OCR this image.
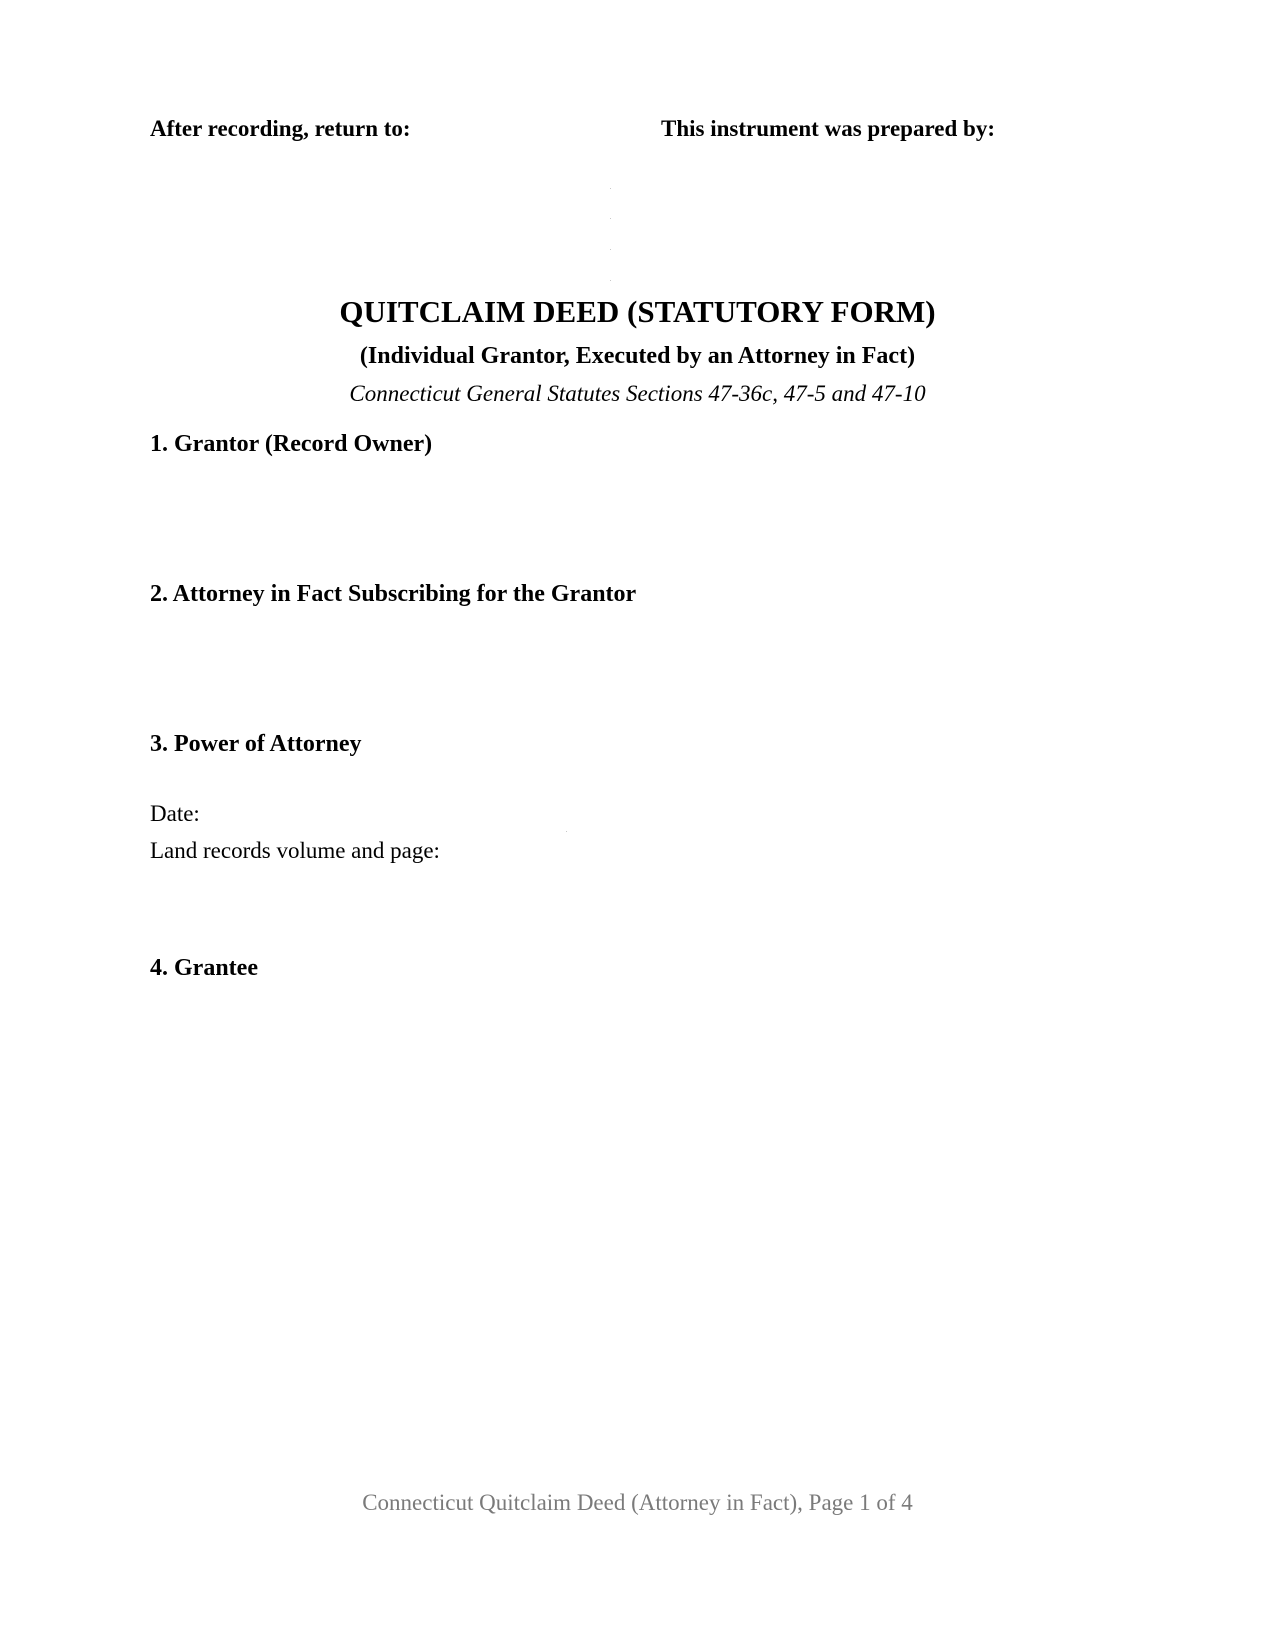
After recording, return to:	This instrument was prepared by:
QUITCLAIM DEED (STATUTORY FORM)
(Individual Grantor, Executed by an Attorney in Fact)
Connecticut General Statutes Sections 47-36c, 47-5 and 47-10
1. Grantor (Record Owner)
2. Attorney in Fact Subscribing for the Grantor
3. Power of Attorney
Date:
Land records volume and page:
4. Grantee
Connecticut Quitclaim Deed (Attorney in Fact), Page 1 of 4
